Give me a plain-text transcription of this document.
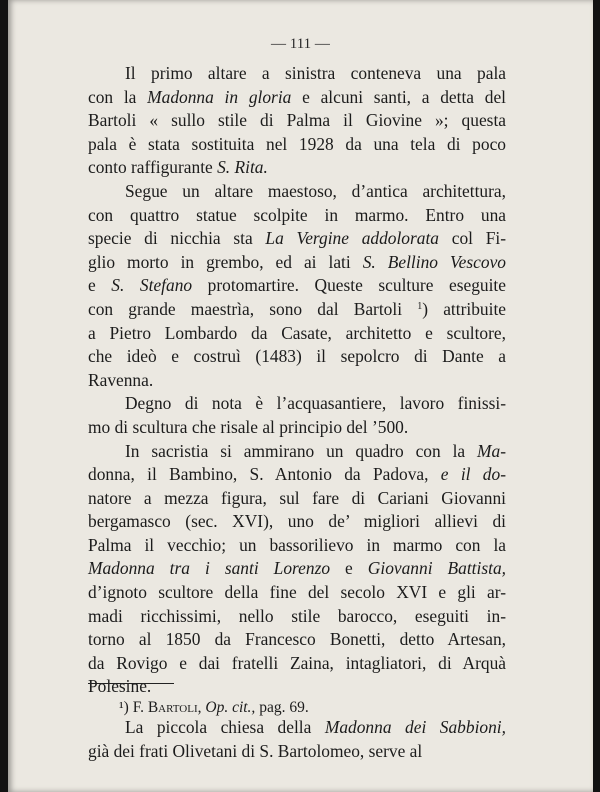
— 111 —
Il primo altare a sinistra conteneva una pala
con la Madonna in gloria e alcuni santi, a detta del
Bartoli « sullo stile di Palma il Giovine »; questa
pala è stata sostituita nel 1928 da una tela di poco
conto raffigurante S. Rita.
Segue un altare maestoso, d’antica architettura,
con quattro statue scolpite in marmo. Entro una
specie di nicchia sta La Vergine addolorata col Fi-
glio morto in grembo, ed ai lati S. Bellino Vescovo
e S. Stefano protomartire. Queste sculture eseguite
con grande maestrìa, sono dal Bartoli $^1$) attribuite
a Pietro Lombardo da Casate, architetto e scultore,
che ideò e costruì (1483) il sepolcro di Dante a
Ravenna.
Degno di nota è l’acquasantiere, lavoro finissi-
mo di scultura che risale al principio del ’500.
In sacristia si ammirano un quadro con la Ma-
donna, il Bambino, S. Antonio da Padova, e il do-
natore a mezza figura, sul fare di Cariani Giovanni
bergamasco (sec. XVI), uno de’ migliori allievi di
Palma il vecchio; un bassorilievo in marmo con la
Madonna tra i santi Lorenzo e Giovanni Battista,
d’ignoto scultore della fine del secolo XVI e gli ar-
madi ricchissimi, nello stile barocco, eseguiti in-
torno al 1850 da Francesco Bonetti, detto Artesan,
da Rovigo e dai fratelli Zaina, intagliatori, di Arquà
Polesine.
La piccola chiesa della Madonna dei Sabbioni,
già dei frati Olivetani di S. Bartolomeo, serve al
¹) F. Bartoli, Op. cit., pag. 69.
